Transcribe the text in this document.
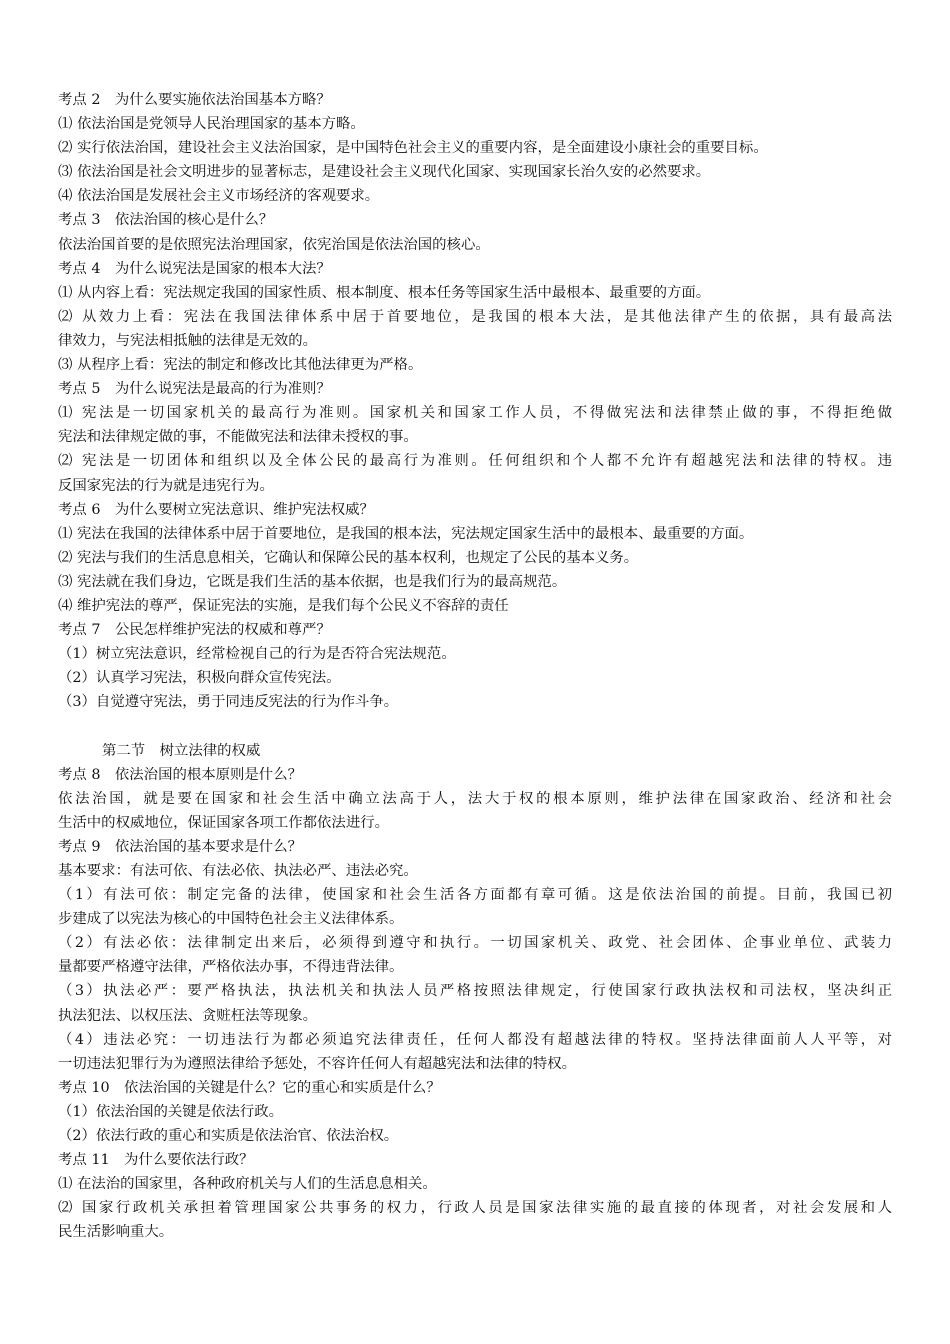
考点 2　为什么要实施依法治国基本方略？
⑴ 依法治国是党领导人民治理国家的基本方略。
⑵ 实行依法治国，建设社会主义法治国家，是中国特色社会主义的重要内容，是全面建设小康社会的重要目标。
⑶ 依法治国是社会文明进步的显著标志，是建设社会主义现代化国家、实现国家长治久安的必然要求。
⑷ 依法治国是发展社会主义市场经济的客观要求。
考点 3　依法治国的核心是什么？
依法治国首要的是依照宪法治理国家，依宪治国是依法治国的核心。
考点 4　为什么说宪法是国家的根本大法？
⑴ 从内容上看：宪法规定我国的国家性质、根本制度、根本任务等国家生活中最根本、最重要的方面。
⑵ 从效力上看：宪法在我国法律体系中居于首要地位，是我国的根本大法，是其他法律产生的依据，具有最高法
律效力，与宪法相抵触的法律是无效的。
⑶ 从程序上看：宪法的制定和修改比其他法律更为严格。
考点 5　为什么说宪法是最高的行为准则？
⑴ 宪法是一切国家机关的最高行为准则。国家机关和国家工作人员，不得做宪法和法律禁止做的事，不得拒绝做
宪法和法律规定做的事，不能做宪法和法律未授权的事。
⑵ 宪法是一切团体和组织以及全体公民的最高行为准则。任何组织和个人都不允许有超越宪法和法律的特权。违
反国家宪法的行为就是违宪行为。
考点 6　为什么要树立宪法意识、维护宪法权威？
⑴ 宪法在我国的法律体系中居于首要地位，是我国的根本法，宪法规定国家生活中的最根本、最重要的方面。
⑵ 宪法与我们的生活息息相关，它确认和保障公民的基本权利，也规定了公民的基本义务。
⑶ 宪法就在我们身边，它既是我们生活的基本依据，也是我们行为的最高规范。
⑷ 维护宪法的尊严，保证宪法的实施，是我们每个公民义不容辞的责任
考点 7　公民怎样维护宪法的权威和尊严？
（1）树立宪法意识，经常检视自己的行为是否符合宪法规范。
（2）认真学习宪法，积极向群众宣传宪法。
（3）自觉遵守宪法，勇于同违反宪法的行为作斗争。
第二节　树立法律的权威
考点 8　依法治国的根本原则是什么？
依法治国，就是要在国家和社会生活中确立法高于人，法大于权的根本原则，维护法律在国家政治、经济和社会
生活中的权威地位，保证国家各项工作都依法进行。
考点 9　依法治国的基本要求是什么？
基本要求：有法可依、有法必依、执法必严、违法必究。
（1）有法可依：制定完备的法律，使国家和社会生活各方面都有章可循。这是依法治国的前提。目前，我国已初
步建成了以宪法为核心的中国特色社会主义法律体系。
（2）有法必依：法律制定出来后，必须得到遵守和执行。一切国家机关、政党、社会团体、企事业单位、武装力
量都要严格遵守法律，严格依法办事，不得违背法律。
（3）执法必严：要严格执法，执法机关和执法人员严格按照法律规定，行使国家行政执法权和司法权，坚决纠正
执法犯法、以权压法、贪赃枉法等现象。
（4）违法必究：一切违法行为都必须追究法律责任，任何人都没有超越法律的特权。坚持法律面前人人平等，对
一切违法犯罪行为为遵照法律给予惩处，不容许任何人有超越宪法和法律的特权。
考点 10　依法治国的关键是什么？它的重心和实质是什么？
（1）依法治国的关键是依法行政。
（2）依法行政的重心和实质是依法治官、依法治权。
考点 11　为什么要依法行政？
⑴ 在法治的国家里，各种政府机关与人们的生活息息相关。
⑵ 国家行政机关承担着管理国家公共事务的权力，行政人员是国家法律实施的最直接的体现者，对社会发展和人
民生活影响重大。
